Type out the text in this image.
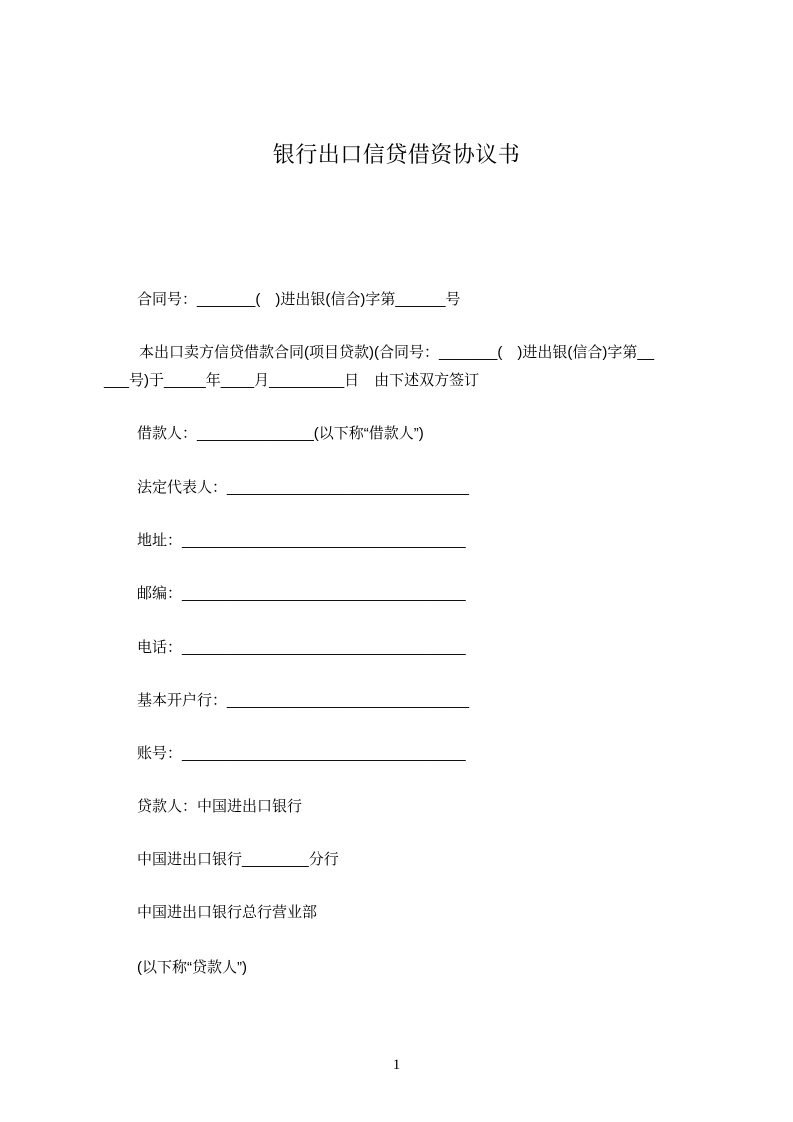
银行出口信贷借资协议书
合同号：_______(　)进出银(信合)字第______号
本出口卖方信贷借款合同(项目贷款)(合同号：_______(　)进出银(信合)字第__
___号)于_____年____月_________日　由下述双方签订
借款人：______________(以下称“借款人”)
法定代表人：_____________________________
地址：__________________________________
邮编：__________________________________
电话：__________________________________
基本开户行：_____________________________
账号：__________________________________
贷款人：中国进出口银行
中国进出口银行________分行
中国进出口银行总行营业部
(以下称“贷款人”)
1
